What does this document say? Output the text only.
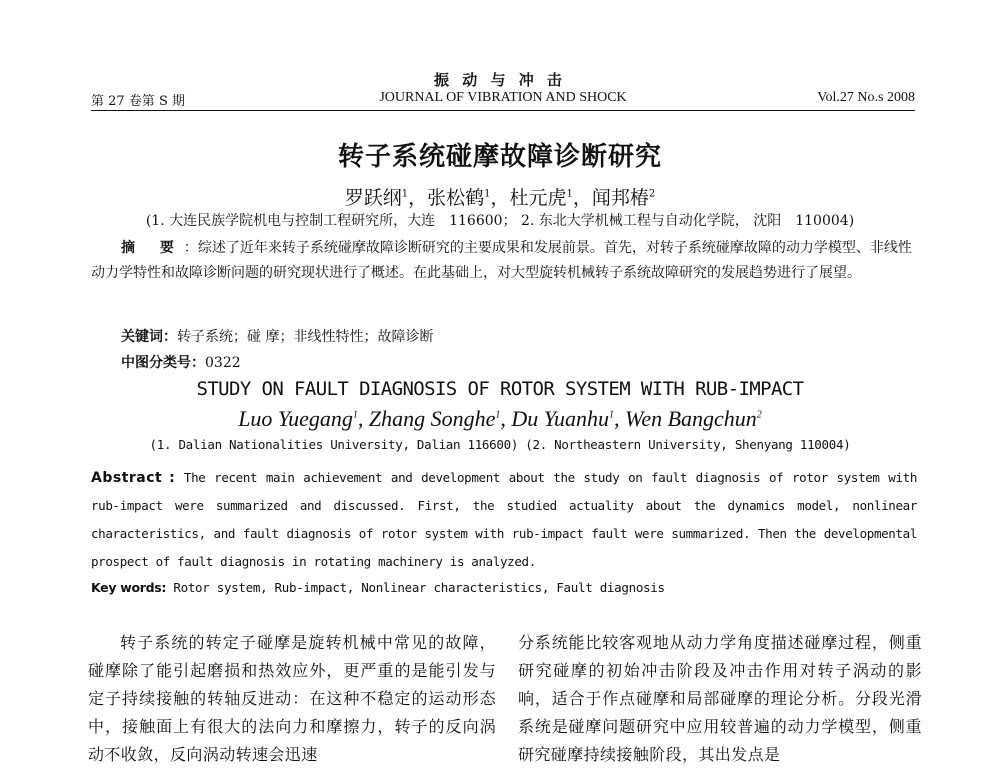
振 动 与 冲 击
第 27 卷第 S 期	JOURNAL OF VIBRATION AND SHOCK	Vol.27 No.s 2008
转子系统碰摩故障诊断研究
罗跃纲$^1$，张松鹤$^1$，杜元虎$^1$，闻邦椿$^2$
(1. 大连民族学院机电与控制工程研究所，大连　116600； 2. 东北大学机械工程与自动化学院， 沈阳　110004)
摘 要：综述了近年来转子系统碰摩故障诊断研究的主要成果和发展前景。首先，对转子系统碰摩故障的动力学模型、非线性动力学特性和故障诊断问题的研究现状进行了概述。在此基础上，对大型旋转机械转子系统故障研究的发展趋势进行了展望。
关键词：转子系统；碰 摩；非线性特性；故障诊断
中图分类号：0322
STUDY ON FAULT DIAGNOSIS OF ROTOR SYSTEM WITH RUB-IMPACT
Luo Yuegang$^1$, Zhang Songhe$^1$, Du Yuanhu$^1$, Wen Bangchun$^2$
(1. Dalian Nationalities University, Dalian 116600) (2. Northeastern University, Shenyang 110004)
Abstract : The recent main achievement and development about the study on fault diagnosis of rotor system with rub-impact were summarized and discussed. First, the studied actuality about the dynamics model, nonlinear characteristics, and fault diagnosis of rotor system with rub-impact fault were summarized. Then the developmental prospect of fault diagnosis in rotating machinery is analyzed.
Key words: Rotor system, Rub-impact, Nonlinear characteristics, Fault diagnosis
转子系统的转定子碰摩是旋转机械中常见的故障，碰摩除了能引起磨损和热效应外，更严重的是能引发与定子持续接触的转轴反进动：在这种不稳定的运动形态中，接触面上有很大的法向力和摩擦力，转子的反向涡动不收敛，反向涡动转速会迅速
分系统能比较客观地从动力学角度描述碰摩过程，侧重研究碰摩的初始冲击阶段及冲击作用对转子涡动的影响，适合于作点碰摩和局部碰摩的理论分析。分段光滑系统是碰摩问题研究中应用较普遍的动力学模型，侧重研究碰摩持续接触阶段，其出发点是
